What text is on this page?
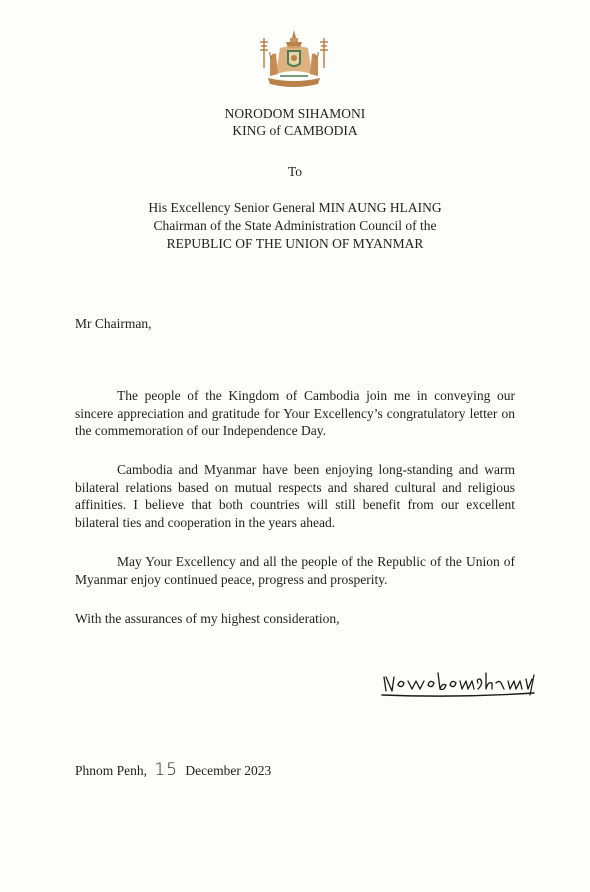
NORODOM SIHAMONI
KING of CAMBODIA
To
His Excellency Senior General MIN AUNG HLAING
Chairman of the State Administration Council of the
REPUBLIC OF THE UNION OF MYANMAR
Mr Chairman,
The people of the Kingdom of Cambodia join me in conveying our sincere appreciation and gratitude for Your Excellency’s congratulatory letter on the commemoration of our Independence Day.
Cambodia and Myanmar have been enjoying long-standing and warm bilateral relations based on mutual respects and shared cultural and religious affinities. I believe that both countries will still benefit from our excellent bilateral ties and cooperation in the years ahead.
May Your Excellency and all the people of the Republic of the Union of Myanmar enjoy continued peace, progress and prosperity.
With the assurances of my highest consideration,
Phnom Penh, 15 December 2023
